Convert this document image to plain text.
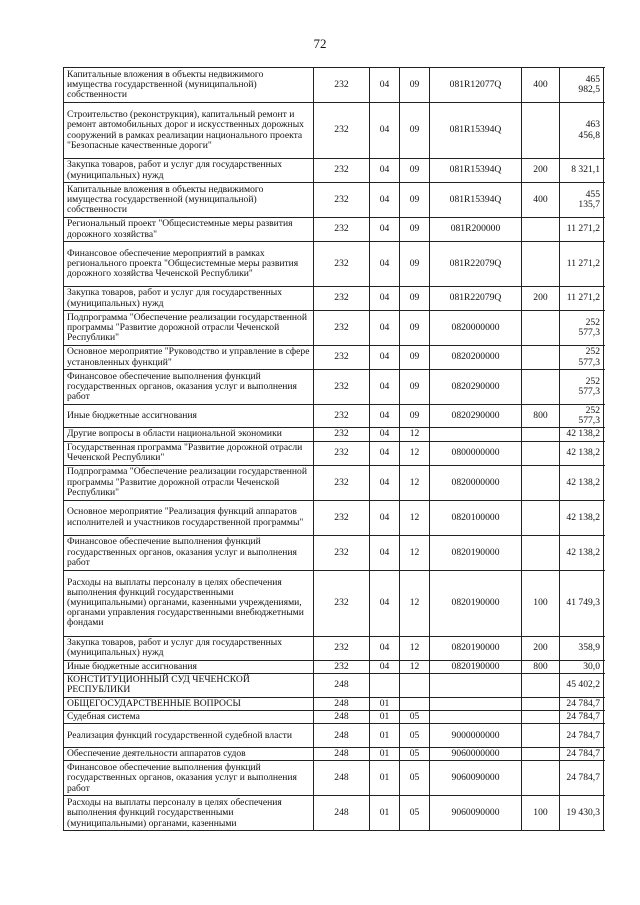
72
Капитальные вложения в объекты недвижимого имущества государственной (муниципальной) собственности	232	04	09	081R12077Q	400	465 982,5
Строительство (реконструкция), капитальный ремонт и ремонт автомобильных дорог и искусственных дорожных сооружений в рамках реализации национального проекта "Безопасные качественные дороги"	232	04	09	081R15394Q		463 456,8
Закупка товаров, работ и услуг для государственных (муниципальных) нужд	232	04	09	081R15394Q	200	8 321,1
Капитальные вложения в объекты недвижимого имущества государственной (муниципальной) собственности	232	04	09	081R15394Q	400	455 135,7
Региональный проект "Общесистемные меры развития дорожного хозяйства"	232	04	09	081R200000		11 271,2
Финансовое обеспечение мероприятий в рамках регионального проекта "Общесистемные меры развития дорожного хозяйства Чеченской Республики"	232	04	09	081R22079Q		11 271,2
Закупка товаров, работ и услуг для государственных (муниципальных) нужд	232	04	09	081R22079Q	200	11 271,2
Подпрограмма "Обеспечение реализации государственной программы "Развитие дорожной отрасли Чеченской Республики"	232	04	09	0820000000		252 577,3
Основное мероприятие "Руководство и управление в сфере установленных функций"	232	04	09	0820200000		252 577,3
Финансовое обеспечение выполнения функций государственных органов, оказания услуг и выполнения работ	232	04	09	0820290000		252 577,3
Иные бюджетные ассигнования	232	04	09	0820290000	800	252 577,3
Другие вопросы в области национальной экономики	232	04	12			42 138,2
Государственная программа "Развитие дорожной отрасли Чеченской Республики"	232	04	12	0800000000		42 138,2
Подпрограмма "Обеспечение реализации государственной программы "Развитие дорожной отрасли Чеченской Республики"	232	04	12	0820000000		42 138,2
Основное мероприятие "Реализация функций аппаратов исполнителей и участников государственной программы"	232	04	12	0820100000		42 138,2
Финансовое обеспечение выполнения функций государственных органов, оказания услуг и выполнения работ	232	04	12	0820190000		42 138,2
Расходы на выплаты персоналу в целях обеспечения выполнения функций государственными (муниципальными) органами, казенными учреждениями, органами управления государственными внебюджетными фондами	232	04	12	0820190000	100	41 749,3
Закупка товаров, работ и услуг для государственных (муниципальных) нужд	232	04	12	0820190000	200	358,9
Иные бюджетные ассигнования	232	04	12	0820190000	800	30,0
КОНСТИТУЦИОННЫЙ СУД ЧЕЧЕНСКОЙ РЕСПУБЛИКИ	248					45 402,2
ОБЩЕГОСУДАРСТВЕННЫЕ ВОПРОСЫ	248	01				24 784,7
Судебная система	248	01	05			24 784,7
Реализация функций государственной судебной власти	248	01	05	9000000000		24 784,7
Обеспечение деятельности аппаратов судов	248	01	05	9060000000		24 784,7
Финансовое обеспечение выполнения функций государственных органов, оказания услуг и выполнения работ	248	01	05	9060090000		24 784,7
Расходы на выплаты персоналу в целях обеспечения выполнения функций государственными (муниципальными) органами, казенными	248	01	05	9060090000	100	19 430,3
